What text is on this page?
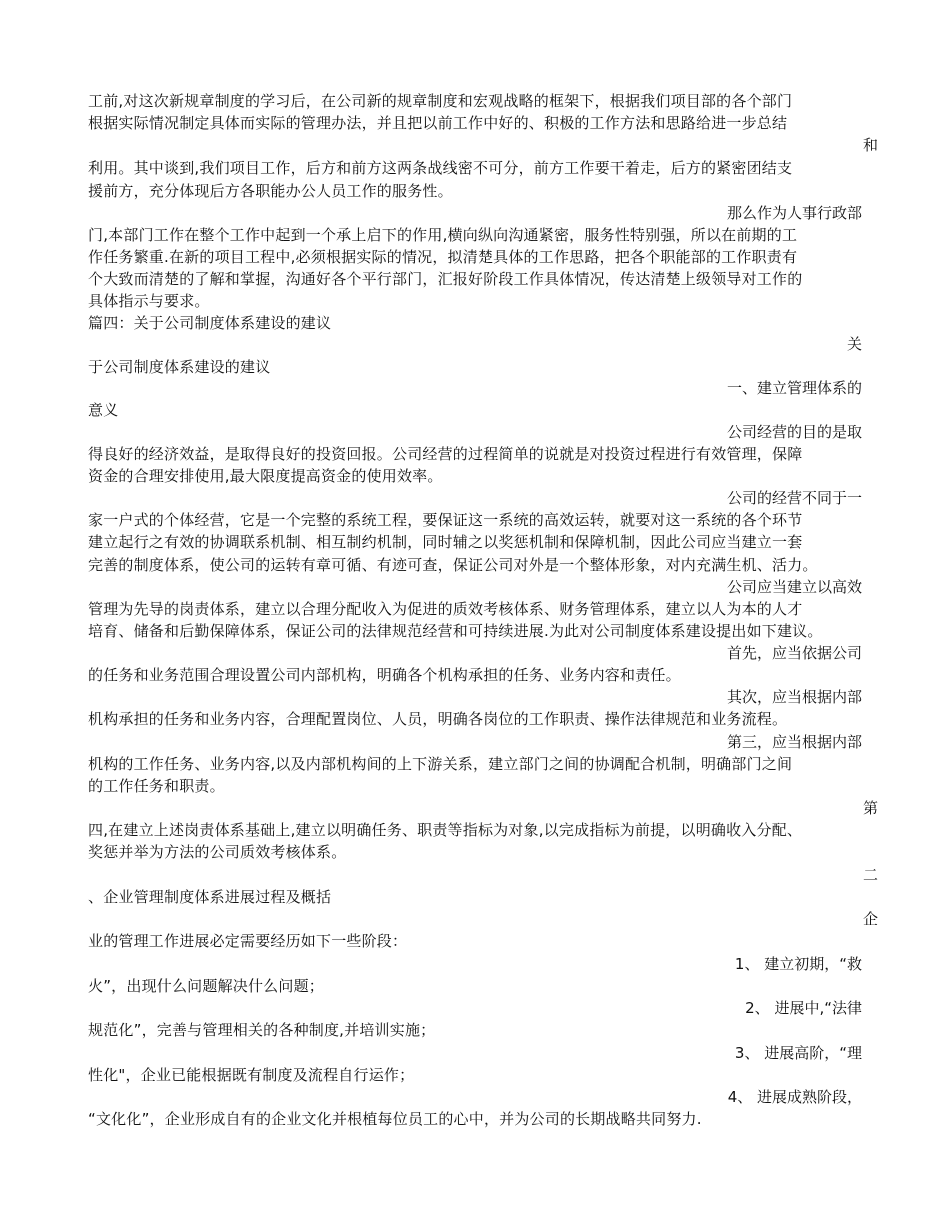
工前,对这次新规章制度的学习后，在公司新的规章制度和宏观战略的框架下，根据我们项目部的各个部门
根据实际情况制定具体而实际的管理办法，并且把以前工作中好的、积极的工作方法和思路给进一步总结
和
利用。其中谈到,我们项目工作，后方和前方这两条战线密不可分，前方工作要干着走，后方的紧密团结支
援前方，充分体现后方各职能办公人员工作的服务性。
那么作为人事行政部
门,本部门工作在整个工作中起到一个承上启下的作用,横向纵向沟通紧密，服务性特别强，所以在前期的工
作任务繁重.在新的项目工程中,必须根据实际的情况，拟清楚具体的工作思路，把各个职能部的工作职责有
个大致而清楚的了解和掌握，沟通好各个平行部门，汇报好阶段工作具体情况，传达清楚上级领导对工作的
具体指示与要求。
篇四：关于公司制度体系建设的建议
关
于公司制度体系建设的建议
一、建立管理体系的
意义
公司经营的目的是取
得良好的经济效益，是取得良好的投资回报。公司经营的过程简单的说就是对投资过程进行有效管理，保障
资金的合理安排使用,最大限度提高资金的使用效率。
公司的经营不同于一
家一户式的个体经营，它是一个完整的系统工程，要保证这一系统的高效运转，就要对这一系统的各个环节
建立起行之有效的协调联系机制、相互制约机制，同时辅之以奖惩机制和保障机制，因此公司应当建立一套
完善的制度体系，使公司的运转有章可循、有迹可查，保证公司对外是一个整体形象，对内充满生机、活力。
公司应当建立以高效
管理为先导的岗责体系，建立以合理分配收入为促进的质效考核体系、财务管理体系，建立以人为本的人才
培育、储备和后勤保障体系，保证公司的法律规范经营和可持续进展.为此对公司制度体系建设提出如下建议。
首先，应当依据公司
的任务和业务范围合理设置公司内部机构，明确各个机构承担的任务、业务内容和责任。
其次，应当根据内部
机构承担的任务和业务内容，合理配置岗位、人员，明确各岗位的工作职责、操作法律规范和业务流程。
第三，应当根据内部
机构的工作任务、业务内容,以及内部机构间的上下游关系，建立部门之间的协调配合机制，明确部门之间
的工作任务和职责。
第
四,在建立上述岗责体系基础上,建立以明确任务、职责等指标为对象,以完成指标为前提，以明确收入分配、
奖惩并举为方法的公司质效考核体系。
二
、企业管理制度体系进展过程及概括
企
业的管理工作进展必定需要经历如下一些阶段：
1、 建立初期，“救
火”，出现什么问题解决什么问题；
2、 进展中,“法律
规范化”，完善与管理相关的各种制度,并培训实施；
3、 进展高阶，“理
性化"，企业已能根据既有制度及流程自行运作；
4、 进展成熟阶段，
“文化化”，企业形成自有的企业文化并根植每位员工的心中，并为公司的长期战略共同努力.
